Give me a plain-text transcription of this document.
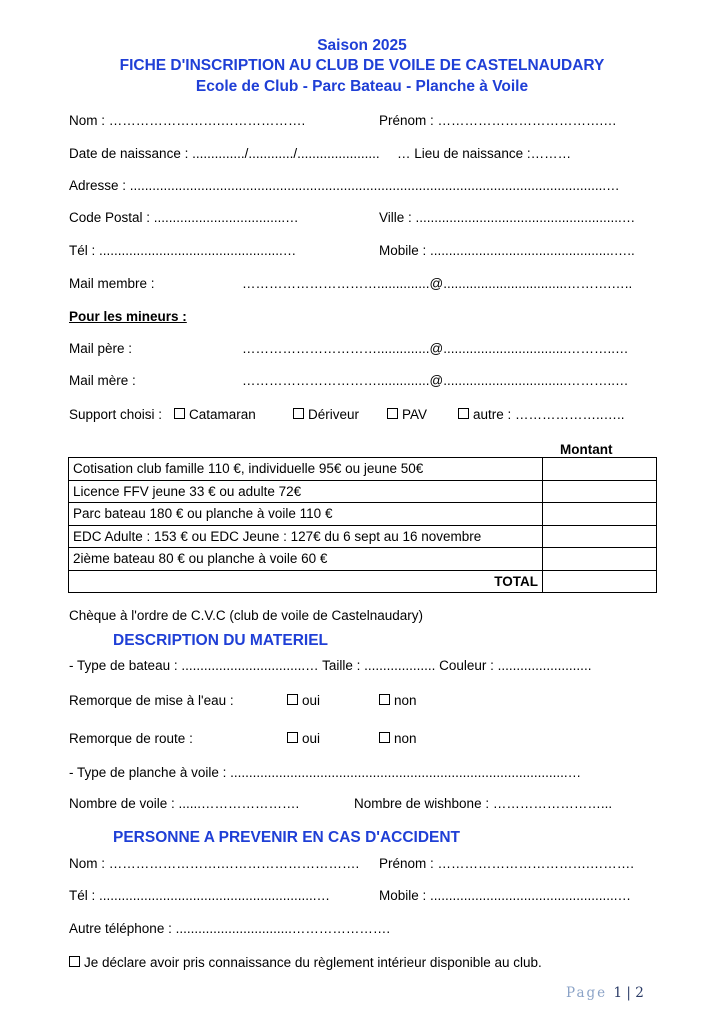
Saison 2025
FICHE D'INSCRIPTION AU CLUB DE VOILE DE CASTELNAUDARY
Ecole de Club - Parc Bateau - Planche à Voile
Nom : …………………….……………….	Prénom : ……………………………….…
Date de naissance : ............../............/...................... … Lieu de naissance :………
Adresse : ...............................................................................................................................…
Code Postal : ...................................…	Ville : .......................................................…
Tél : .................................................…	Mobile : .................................................…..
Mail membre :	…………………………..............@.................................……….…..
Pour les mineurs :
Mail père :	…………………………..............@.................................………..…
Mail mère :	…………………………..............@.................................………..…
Support choisi :	Catamaran	Dériveur	PAV	autre : ………………..…..
Montant
Cotisation club famille 110 €, individuelle 95€ ou jeune 50€	
Licence FFV jeune 33 € ou adulte 72€	
Parc bateau 180 € ou planche à voile 110 €	
EDC Adulte : 153 € ou EDC Jeune : 127€ du 6 sept au 16 novembre	
2ième bateau 80 € ou planche à voile 60 €	
TOTAL	
Chèque à l'ordre de C.V.C (club de voile de Castelnaudary)
DESCRIPTION DU MATERIEL
- Type de bateau : .................................… Taille : ................... Couleur : .........................
Remorque de mise à l'eau :	oui	non
Remorque de route :	oui	non
- Type de planche à voile : ..........................................................................................…
Nombre de voile : ......………………….	Nombre de wishbone : ……………………...
PERSONNE A PREVENIR EN CAS D'ACCIDENT
Nom : …………………….…………………………. Prénom : …………………………….……….
Tél : ..........................................................…	Mobile : ..................................................…
Autre téléphone : ...............................………………….
Je déclare avoir pris connaissance du règlement intérieur disponible au club.
Page 1 | 2
